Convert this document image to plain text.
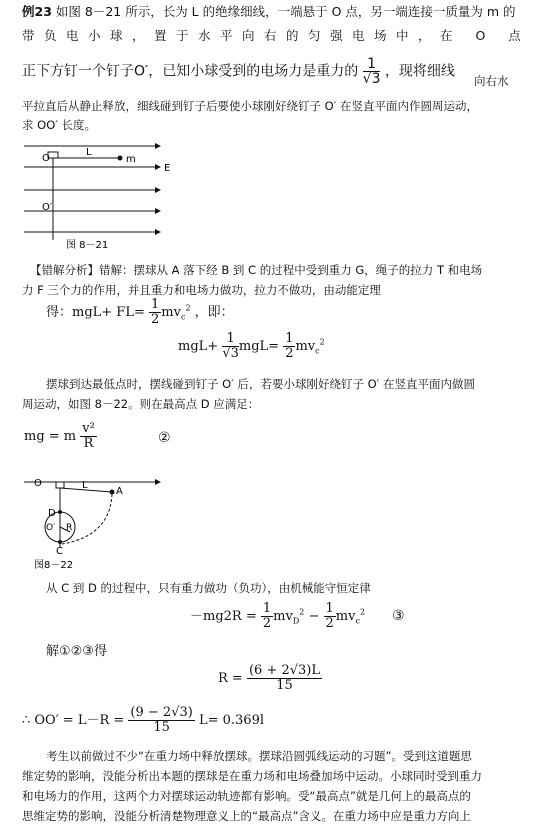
例23 如图 8－21 所示，长为 L 的绝缘细线，一端悬于 O 点，另一端连接一质量为 m 的
带负电小球，置于水平向右的匀强电场中，在 O 点
正下方钉一个钉子O′，已知小球受到的电场力是重力的 $\frac{1}{√3}$ ，现将细线
向右水
平拉直后从静止释放，细线碰到钉子后要使小球刚好绕钉子 O′ 在竖直平面内作圆周运动，
求 OO′ 长度。
O
L
m
E
O′
图 8－21
【错解分析】错解：摆球从 A 落下经 B 到 C 的过程中受到重力 G，绳子的拉力 T 和电场
力 F 三个力的作用，并且重力和电场力做功，拉力不做功，由动能定理
得：$mgL+ FL= \frac{1}{2} mv_c^2$ ，即：
$mgL+ \frac{1}{√3} mgL= \frac{1}{2} mv_c^2$
摆球到达最低点时，摆线碰到钉子 O′ 后，若要小球刚好绕钉子 O′ 在竖直平面内做圆
周运动，如图 8－22。则在最高点 D 应满足：
mg = m $\frac{\text{v²}}{R}$	②
O	L
A
D
O′ R
C
图8－22
从 C 到 D 的过程中，只有重力做功（负功），由机械能守恒定律
$-mg2R = \frac{1}{2} mv_D^2 - \frac{1}{2} mv_c^2$ ③
解①②③得
$R = \frac{(6 + 2√3)L}{15}$
∴ $OO' = L-R = \frac{(9 - 2√3)}{15} L= 0.369l$
考生以前做过不少“在重力场中释放摆球。摆球沿圆弧线运动的习题”。受到这道题思
维定势的影响，没能分析出本题的摆球是在重力场和电场叠加场中运动。小球同时受到重力
和电场力的作用，这两个力对摆球运动轨迹都有影响。受“最高点”就是几何上的最高点的
思维定势的影响，没能分析清楚物理意义上的“最高点”含义。在重力场中应是重力方向上
